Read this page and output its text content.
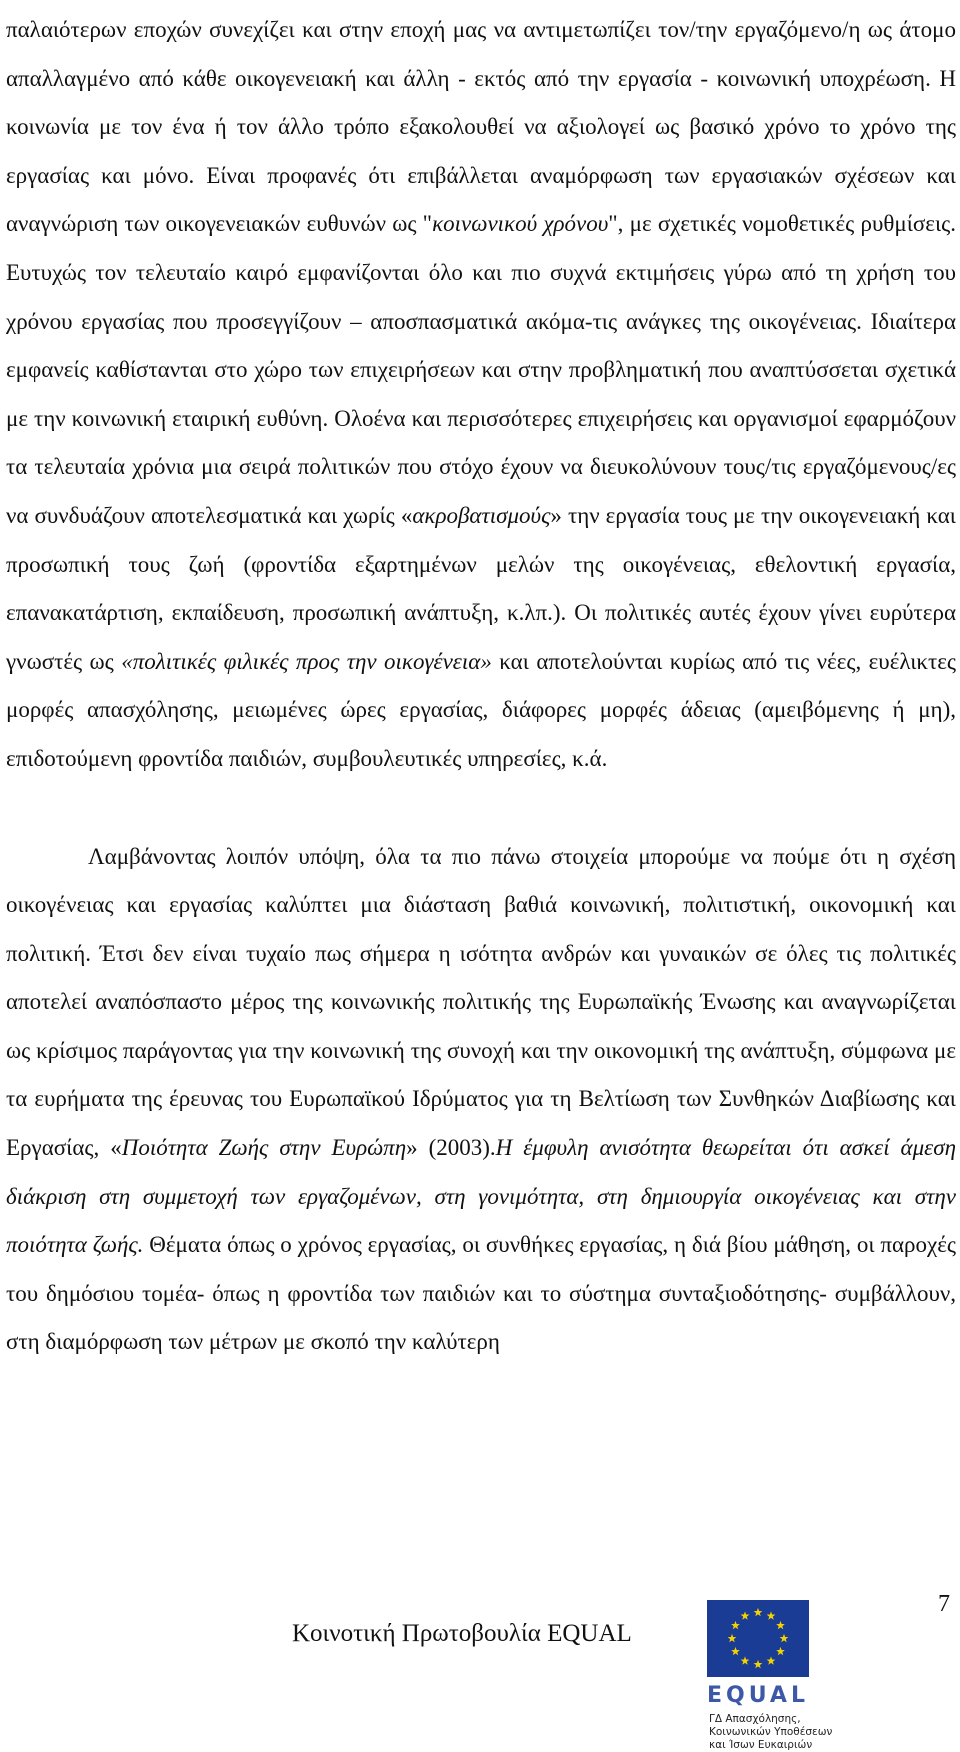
παλαιότερων εποχών συνεχίζει και στην εποχή μας να αντιμετωπίζει τον/την εργαζόμενο/η ως άτομο απαλλαγμένο από κάθε οικογενειακή και άλλη - εκτός από την εργασία - κοινωνική υποχρέωση. Η κοινωνία με τον ένα ή τον άλλο τρόπο εξακολουθεί να αξιολογεί ως βασικό χρόνο το χρόνο της εργασίας και μόνο. Είναι προφανές ότι επιβάλλεται αναμόρφωση των εργασιακών σχέσεων και αναγνώριση των οικογενειακών ευθυνών ως "κοινωνικού χρόνου", με σχετικές νομοθετικές ρυθμίσεις. Ευτυχώς τον τελευταίο καιρό εμφανίζονται όλο και πιο συχνά εκτιμήσεις γύρω από τη χρήση του χρόνου εργασίας που προσεγγίζουν – αποσπασματικά ακόμα-τις ανάγκες της οικογένειας. Ιδιαίτερα εμφανείς καθίστανται στο χώρο των επιχειρήσεων και στην προβληματική που αναπτύσσεται σχετικά με την κοινωνική εταιρική ευθύνη. Ολοένα και περισσότερες επιχειρήσεις και οργανισμοί εφαρμόζουν τα τελευταία χρόνια μια σειρά πολιτικών που στόχο έχουν να διευκολύνουν τους/τις εργαζόμενους/ες να συνδυάζουν αποτελεσματικά και χωρίς «ακροβατισμούς» την εργασία τους με την οικογενειακή και προσωπική τους ζωή (φροντίδα εξαρτημένων μελών της οικογένειας, εθελοντική εργασία, επανακατάρτιση, εκπαίδευση, προσωπική ανάπτυξη, κ.λπ.). Οι πολιτικές αυτές έχουν γίνει ευρύτερα γνωστές ως «πολιτικές φιλικές προς την οικογένεια» και αποτελούνται κυρίως από τις νέες, ευέλικτες μορφές απασχόλησης, μειωμένες ώρες εργασίας, διάφορες μορφές άδειας (αμειβόμενης ή μη), επιδοτούμενη φροντίδα παιδιών, συμβουλευτικές υπηρεσίες, κ.ά.

Λαμβάνοντας λοιπόν υπόψη, όλα τα πιο πάνω στοιχεία μπορούμε να πούμε ότι η σχέση οικογένειας και εργασίας καλύπτει μια διάσταση βαθιά κοινωνική, πολιτιστική, οικονομική και πολιτική. Έτσι δεν είναι τυχαίο πως σήμερα η ισότητα ανδρών και γυναικών σε όλες τις πολιτικές αποτελεί αναπόσπαστο μέρος της κοινωνικής πολιτικής της Ευρωπαϊκής Ένωσης και αναγνωρίζεται ως κρίσιμος παράγοντας για την κοινωνική της συνοχή και την οικονομική της ανάπτυξη, σύμφωνα με τα ευρήματα της έρευνας του Ευρωπαϊκού Ιδρύματος για τη Βελτίωση των Συνθηκών Διαβίωσης και Εργασίας, «Ποιότητα Ζωής στην Ευρώπη» (2003).Η έμφυλη ανισότητα θεωρείται ότι ασκεί άμεση διάκριση στη συμμετοχή των εργαζομένων, στη γονιμότητα, στη δημιουργία οικογένειας και στην ποιότητα ζωής. Θέματα όπως ο χρόνος εργασίας, οι συνθήκες εργασίας, η διά βίου μάθηση, οι παροχές του δημόσιου τομέα- όπως η φροντίδα των παιδιών και το σύστημα συνταξιοδότησης- συμβάλλουν, στη διαμόρφωση των μέτρων με σκοπό την καλύτερη

7
Κοινοτική Πρωτοβουλία EQUAL
EQUAL
ΓΔ Απασχόλησης,
Κοινωνικών Υποθέσεων
και Ίσων Ευκαιριών
